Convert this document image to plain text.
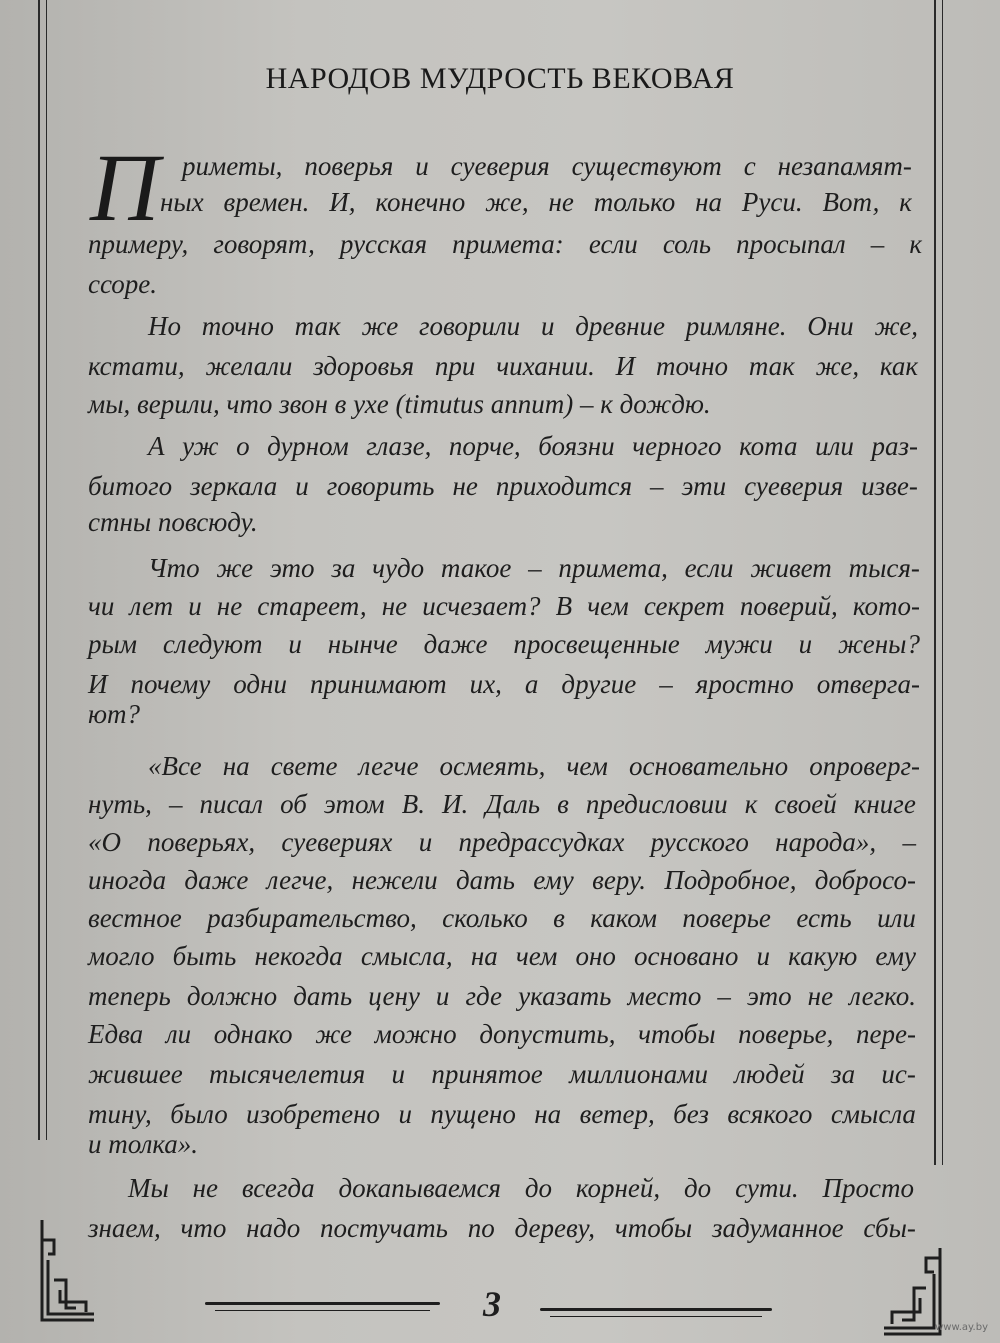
НАРОДОВ МУДРОСТЬ ВЕКОВАЯ
П риметы, поверья и суеверия существуют с незапамят-
ных времен. И, конечно же, не только на Руси. Вот, к
примеру, говорят, русская примета: если соль просыпал – к
ссоре.
Но точно так же говорили и древние римляне. Они же,
кстати, желали здоровья при чихании. И точно так же, как
мы, верили, что звон в ухе (timutus annum) – к дождю.
А уж о дурном глазе, порче, боязни черного кота или раз-
битого зеркала и говорить не приходится – эти суеверия изве-
стны повсюду.
Что же это за чудо такое – примета, если живет тыся-
чи лет и не стареет, не исчезает? В чем секрет поверий, кото-
рым следуют и нынче даже просвещенные мужи и жены?
И почему одни принимают их, а другие – яростно отверга-
ют?
«Все на свете легче осмеять, чем основательно опроверг-
нуть, – писал об этом В. И. Даль в предисловии к своей книге
«О поверьях, суевериях и предрассудках русского народа», –
иногда даже легче, нежели дать ему веру. Подробное, добросо-
вестное разбирательство, сколько в каком поверье есть или
могло быть некогда смысла, на чем оно основано и какую ему
теперь должно дать цену и где указать место – это не легко.
Едва ли однако же можно допустить, чтобы поверье, пере-
жившее тысячелетия и принятое миллионами людей за ис-
тину, было изобретено и пущено на ветер, без всякого смысла
и толка».
Мы не всегда докапываемся до корней, до сути. Просто
знаем, что надо постучать по дереву, чтобы задуманное сбы-
3
www.ay.by
